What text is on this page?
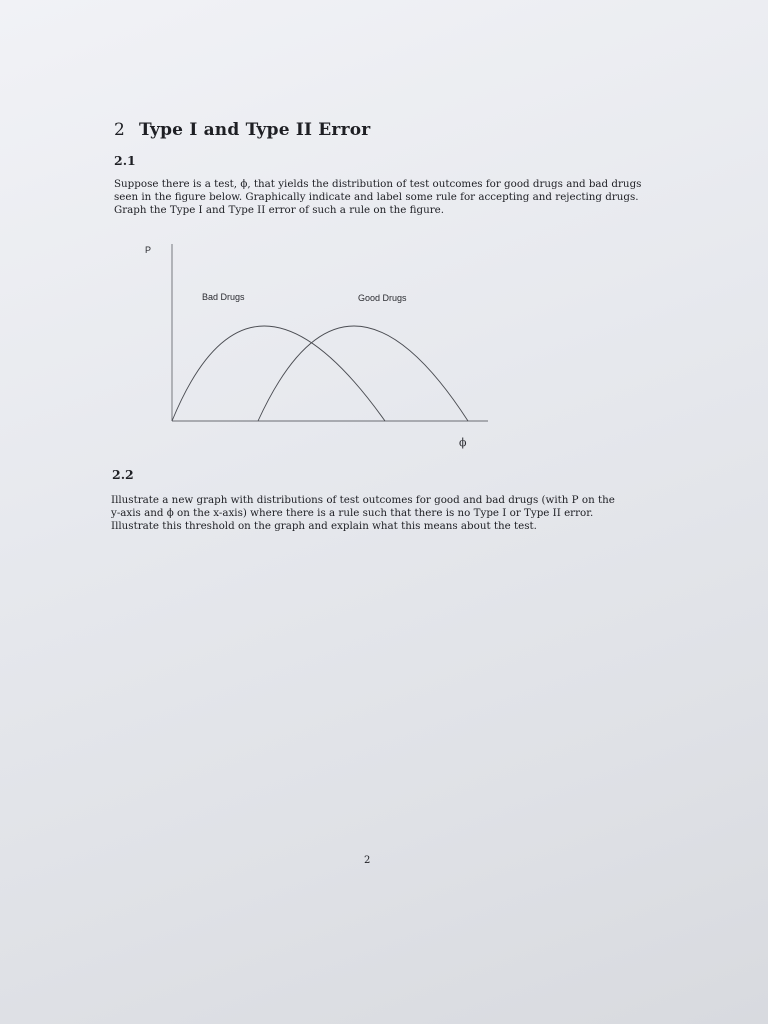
2 Type I and Type II Error
2.1
Suppose there is a test, ϕ, that yields the distribution of test outcomes for good drugs and bad drugs
seen in the figure below. Graphically indicate and label some rule for accepting and rejecting drugs.
Graph the Type I and Type II error of such a rule on the figure.
P
Bad Drugs	Good Drugs
ϕ
2.2
Illustrate a new graph with distributions of test outcomes for good and bad drugs (with P on the
y-axis and ϕ on the x-axis) where there is a rule such that there is no Type I or Type II error.
Illustrate this threshold on the graph and explain what this means about the test.
2
